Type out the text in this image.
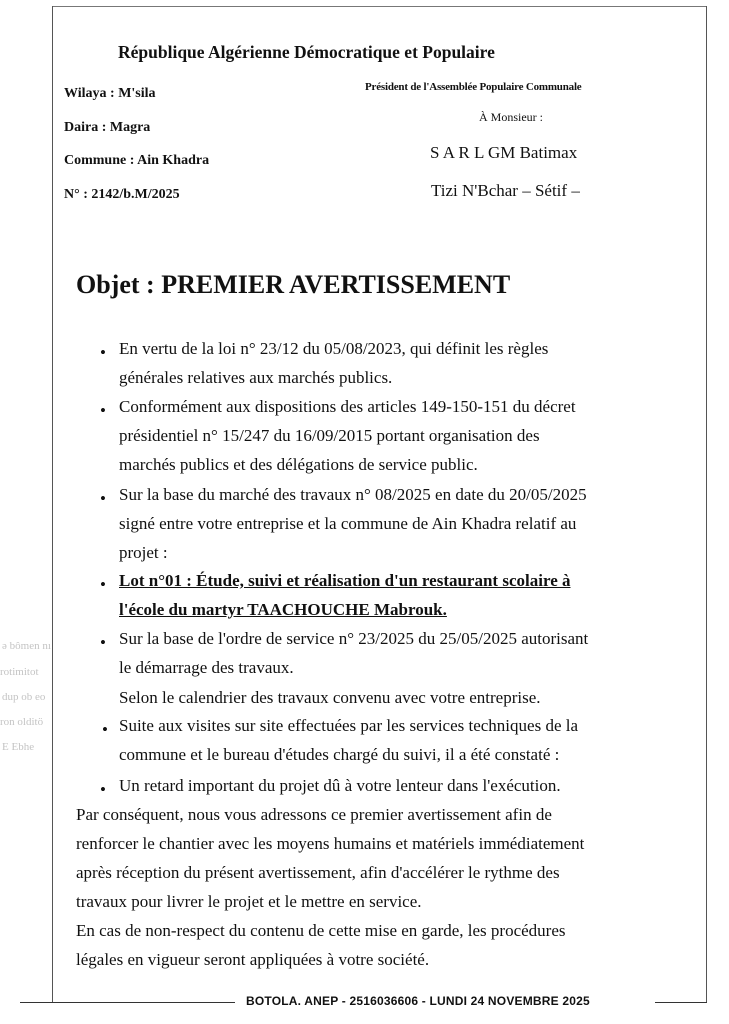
ə bômen nı
rotimitot
dup ob eo
ron olditö
E Ebhe
République Algérienne Démocratique et Populaire
Wilaya : M'sila
Daira : Magra
Commune : Ain Khadra
N° : 2142/b.M/2025
Président de l'Assemblée Populaire Communale
À Monsieur :
S A R L GM Batimax
Tizi N'Bchar – Sétif –
Objet : PREMIER AVERTISSEMENT
• En vertu de la loi n° 23/12 du 05/08/2023, qui définit les règles
générales relatives aux marchés publics.
• Conformément aux dispositions des articles 149-150-151 du décret
présidentiel n° 15/247 du 16/09/2015 portant organisation des
marchés publics et des délégations de service public.
• Sur la base du marché des travaux n° 08/2025 en date du 20/05/2025
signé entre votre entreprise et la commune de Ain Khadra relatif au
projet :
• Lot n°01 : Étude, suivi et réalisation d'un restaurant scolaire à
l'école du martyr TAACHOUCHE Mabrouk.
• Sur la base de l'ordre de service n° 23/2025 du 25/05/2025 autorisant
le démarrage des travaux.
Selon le calendrier des travaux convenu avec votre entreprise.
• Suite aux visites sur site effectuées par les services techniques de la
commune et le bureau d'études chargé du suivi, il a été constaté :
• Un retard important du projet dû à votre lenteur dans l'exécution.
Par conséquent, nous vous adressons ce premier avertissement afin de
renforcer le chantier avec les moyens humains et matériels immédiatement
après réception du présent avertissement, afin d'accélérer le rythme des
travaux pour livrer le projet et le mettre en service.
En cas de non-respect du contenu de cette mise en garde, les procédures
légales en vigueur seront appliquées à votre société.
BOTOLA. ANEP - 2516036606 - LUNDI 24 NOVEMBRE 2025
